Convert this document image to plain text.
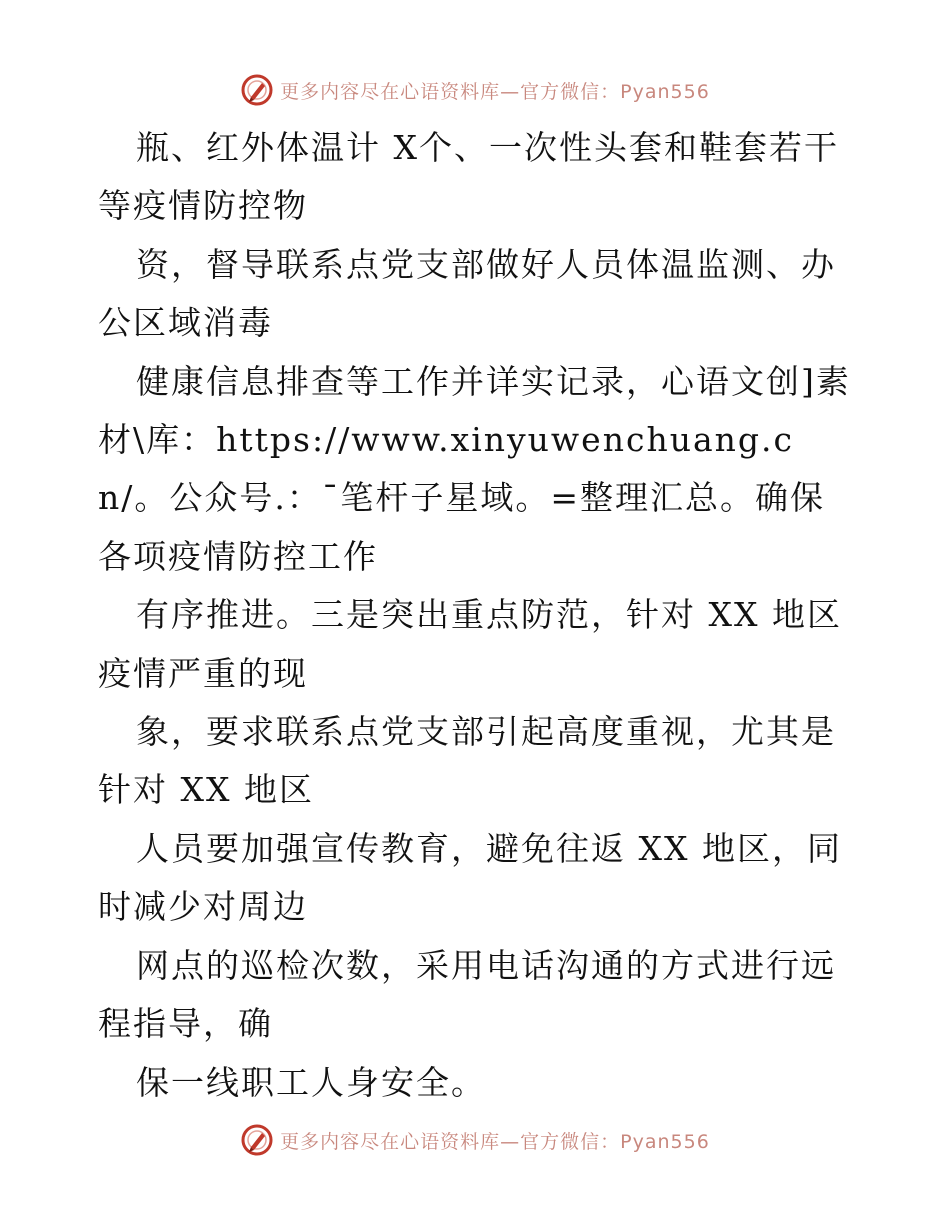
更多内容尽在心语资料库—官方微信：Pyan556

瓶、红外体温计 X个、一次性头套和鞋套若干等疫情防控物

资，督导联系点党支部做好人员体温监测、办公区域消毒

健康信息排查等工作并详实记录，心语文创]素材\库：https://www.xinyuwenchuang.cn/。公众号.：¯笔杆子星域。=整理汇总。确保各项疫情防控工作

有序推进。三是突出重点防范，针对 XX 地区疫情严重的现

象，要求联系点党支部引起高度重视，尤其是针对 XX 地区

人员要加强宣传教育，避免往返 XX 地区，同时减少对周边

网点的巡检次数，采用电话沟通的方式进行远程指导，确

保一线职工人身安全。

更多内容尽在心语资料库—官方微信：Pyan556
